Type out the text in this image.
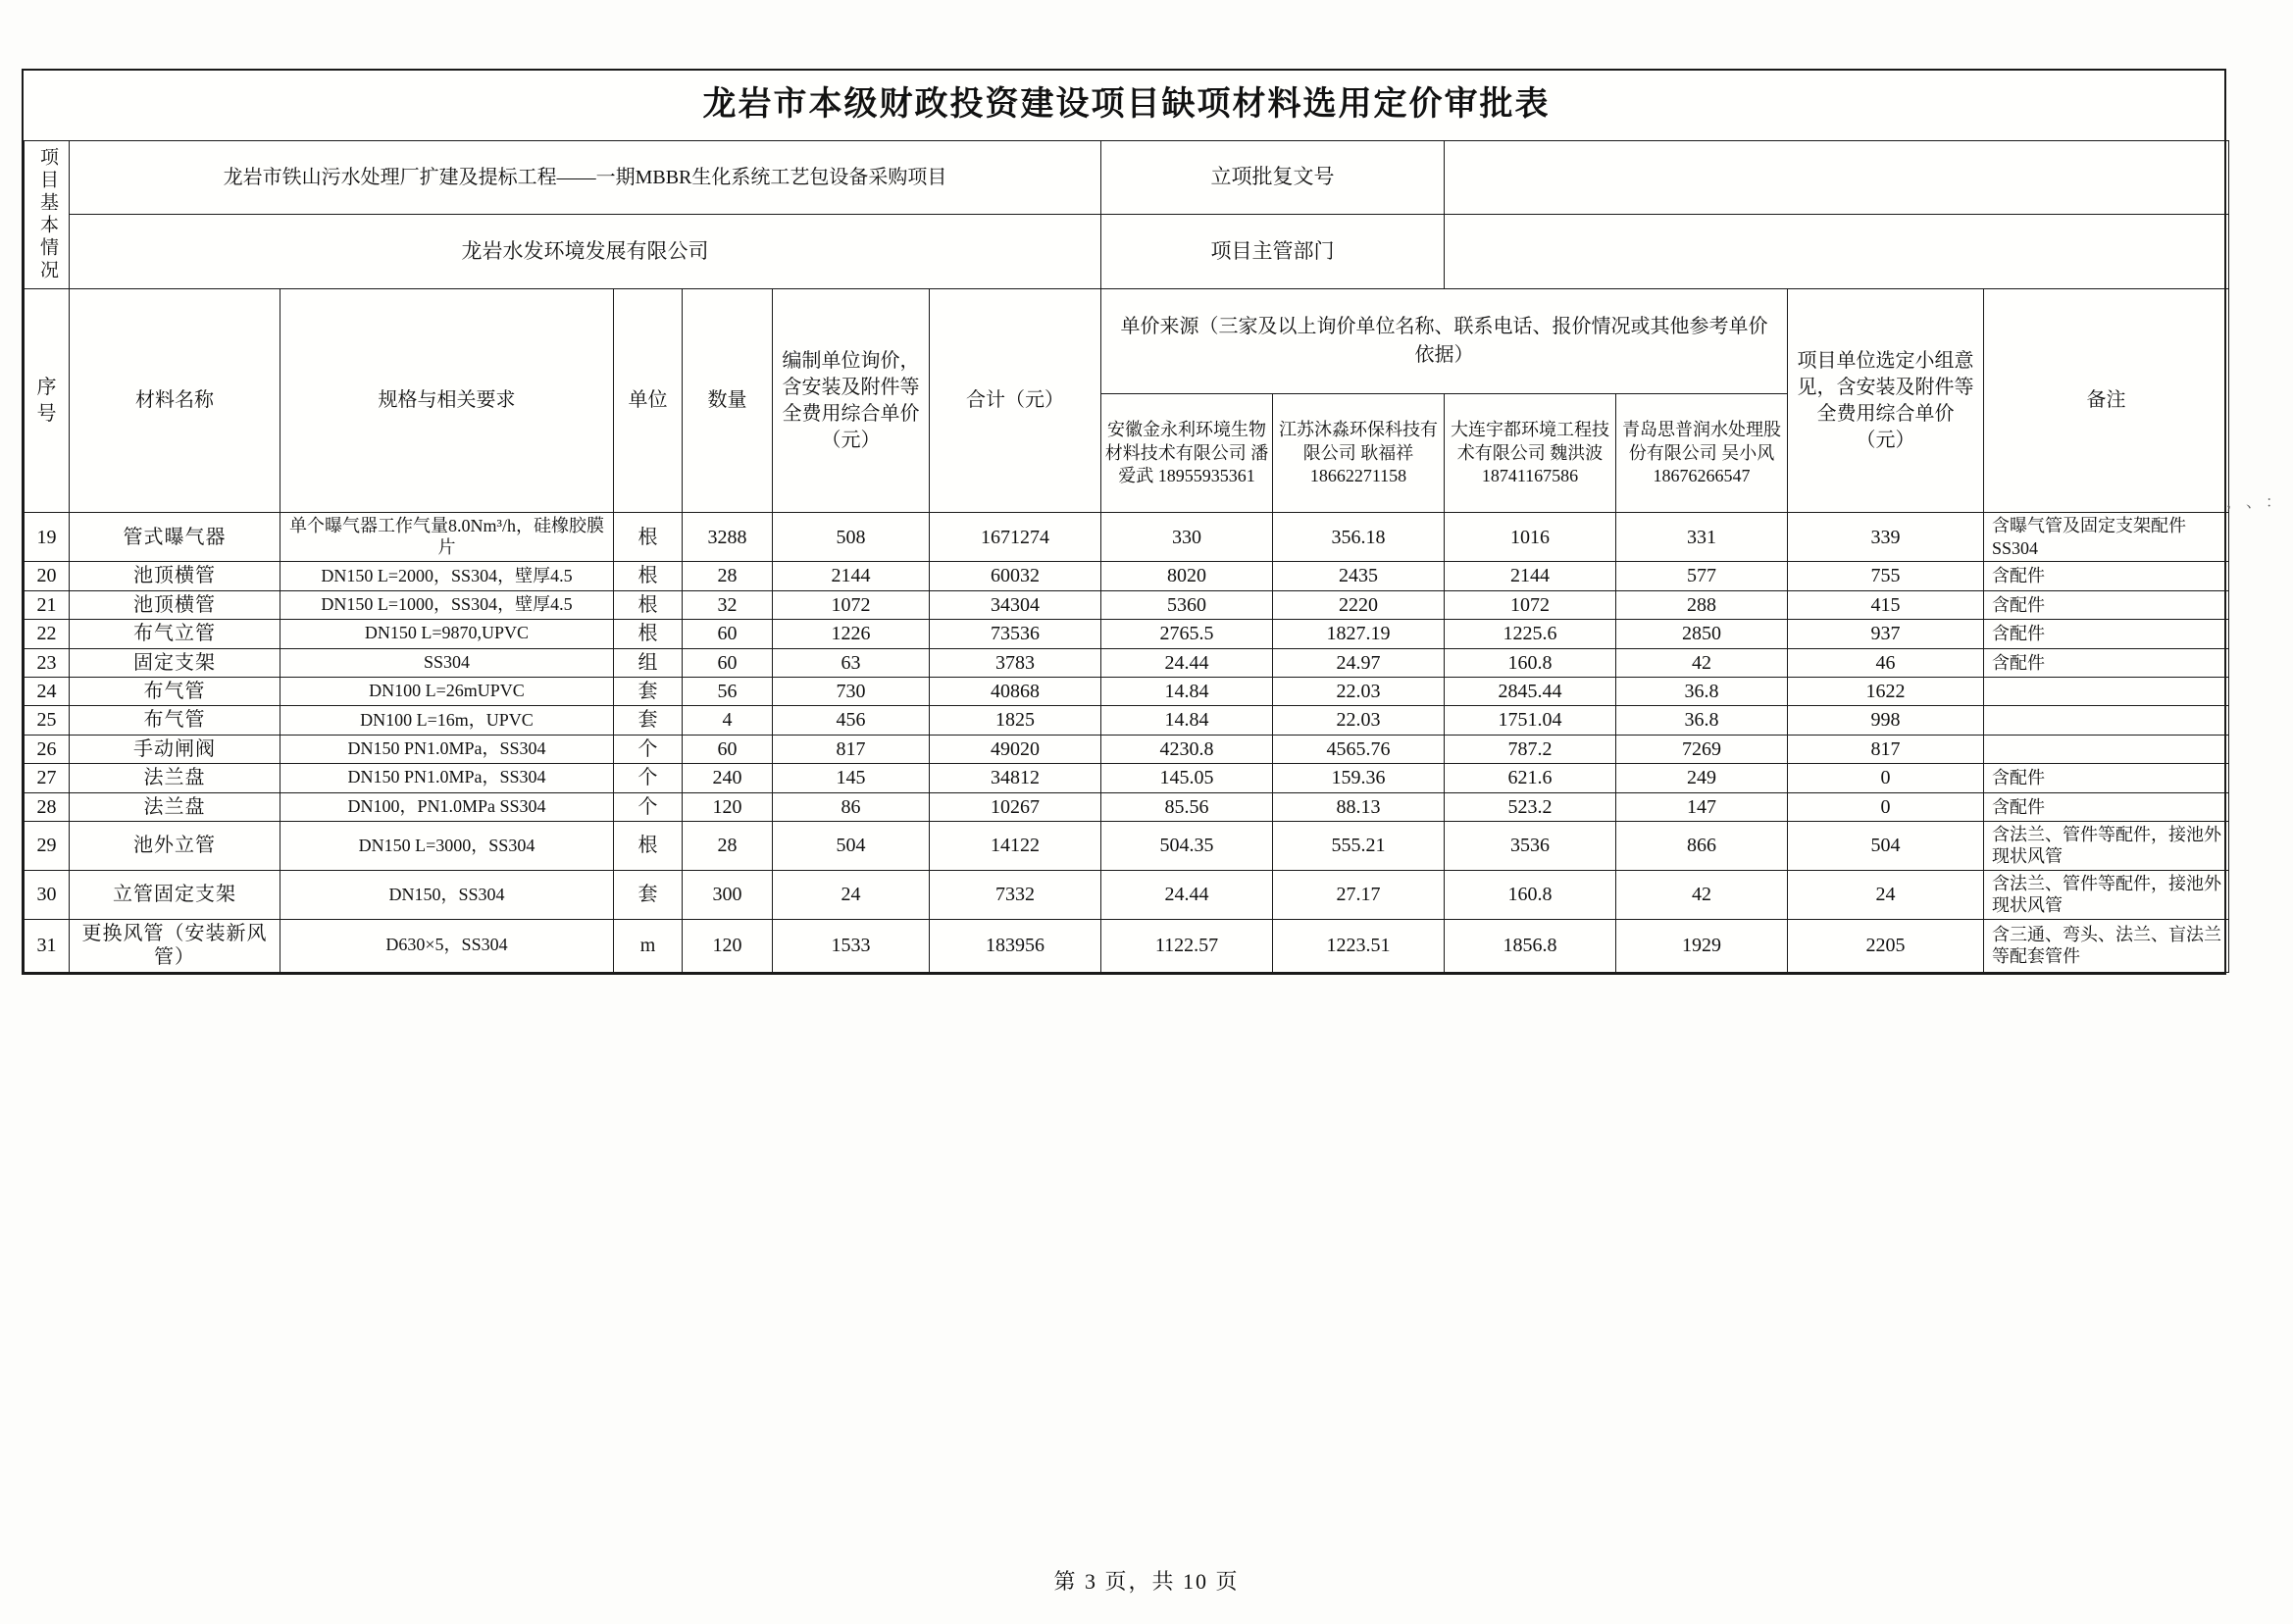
龙岩市本级财政投资建设项目缺项材料选用定价审批表												
项目基本情况	龙岩市铁山污水处理厂扩建及提标工程——一期MBBR生化系统工艺包设备采购项目						立项批复文号					
	龙岩水发环境发展有限公司						项目主管部门					
序号	材料名称	规格与相关要求	单位	数量	编制单位询价，含安装及附件等全费用综合单价（元）	合计（元）	单价来源（三家及以上询价单位名称、联系电话、报价情况或其他参考单价依据）				项目单位选定小组意见，含安装及附件等全费用综合单价（元）	备注
							安徽金永利环境生物材料技术有限公司 潘爱武 18955935361	江苏沐淼环保科技有限公司 耿福祥 18662271158	大连宇都环境工程技术有限公司 魏洪波 18741167586	青岛思普润水处理股份有限公司 吴小风 18676266547		
19	管式曝气器	单个曝气器工作气量8.0Nm³/h，硅橡胶膜片	根	3288	508	1671274	330	356.18	1016	331	339	含曝气管及固定支架配件SS304
20	池顶横管	DN150 L=2000，SS304，壁厚4.5	根	28	2144	60032	8020	2435	2144	577	755	含配件
21	池顶横管	DN150 L=1000，SS304，壁厚4.5	根	32	1072	34304	5360	2220	1072	288	415	含配件
22	布气立管	DN150 L=9870,UPVC	根	60	1226	73536	2765.5	1827.19	1225.6	2850	937	含配件
23	固定支架	SS304	组	60	63	3783	24.44	24.97	160.8	42	46	含配件
24	布气管	DN100 L=26mUPVC	套	56	730	40868	14.84	22.03	2845.44	36.8	1622	
25	布气管	DN100 L=16m，UPVC	套	4	456	1825	14.84	22.03	1751.04	36.8	998	
26	手动闸阀	DN150 PN1.0MPa，SS304	个	60	817	49020	4230.8	4565.76	787.2	7269	817	
27	法兰盘	DN150 PN1.0MPa，SS304	个	240	145	34812	145.05	159.36	621.6	249	0	含配件
28	法兰盘	DN100，PN1.0MPa SS304	个	120	86	10267	85.56	88.13	523.2	147	0	含配件
29	池外立管	DN150 L=3000，SS304	根	28	504	14122	504.35	555.21	3536	866	504	含法兰、管件等配件，接池外现状风管
30	立管固定支架	DN150，SS304	套	300	24	7332	24.44	27.17	160.8	42	24	含法兰、管件等配件，接池外现状风管
31	更换风管（安装新风管）	D630×5，SS304	m	120	1533	183956	1122.57	1223.51	1856.8	1929	2205	含三通、弯头、法兰、盲法兰等配套管件
， 、 ：
第 3 页，共 10 页
